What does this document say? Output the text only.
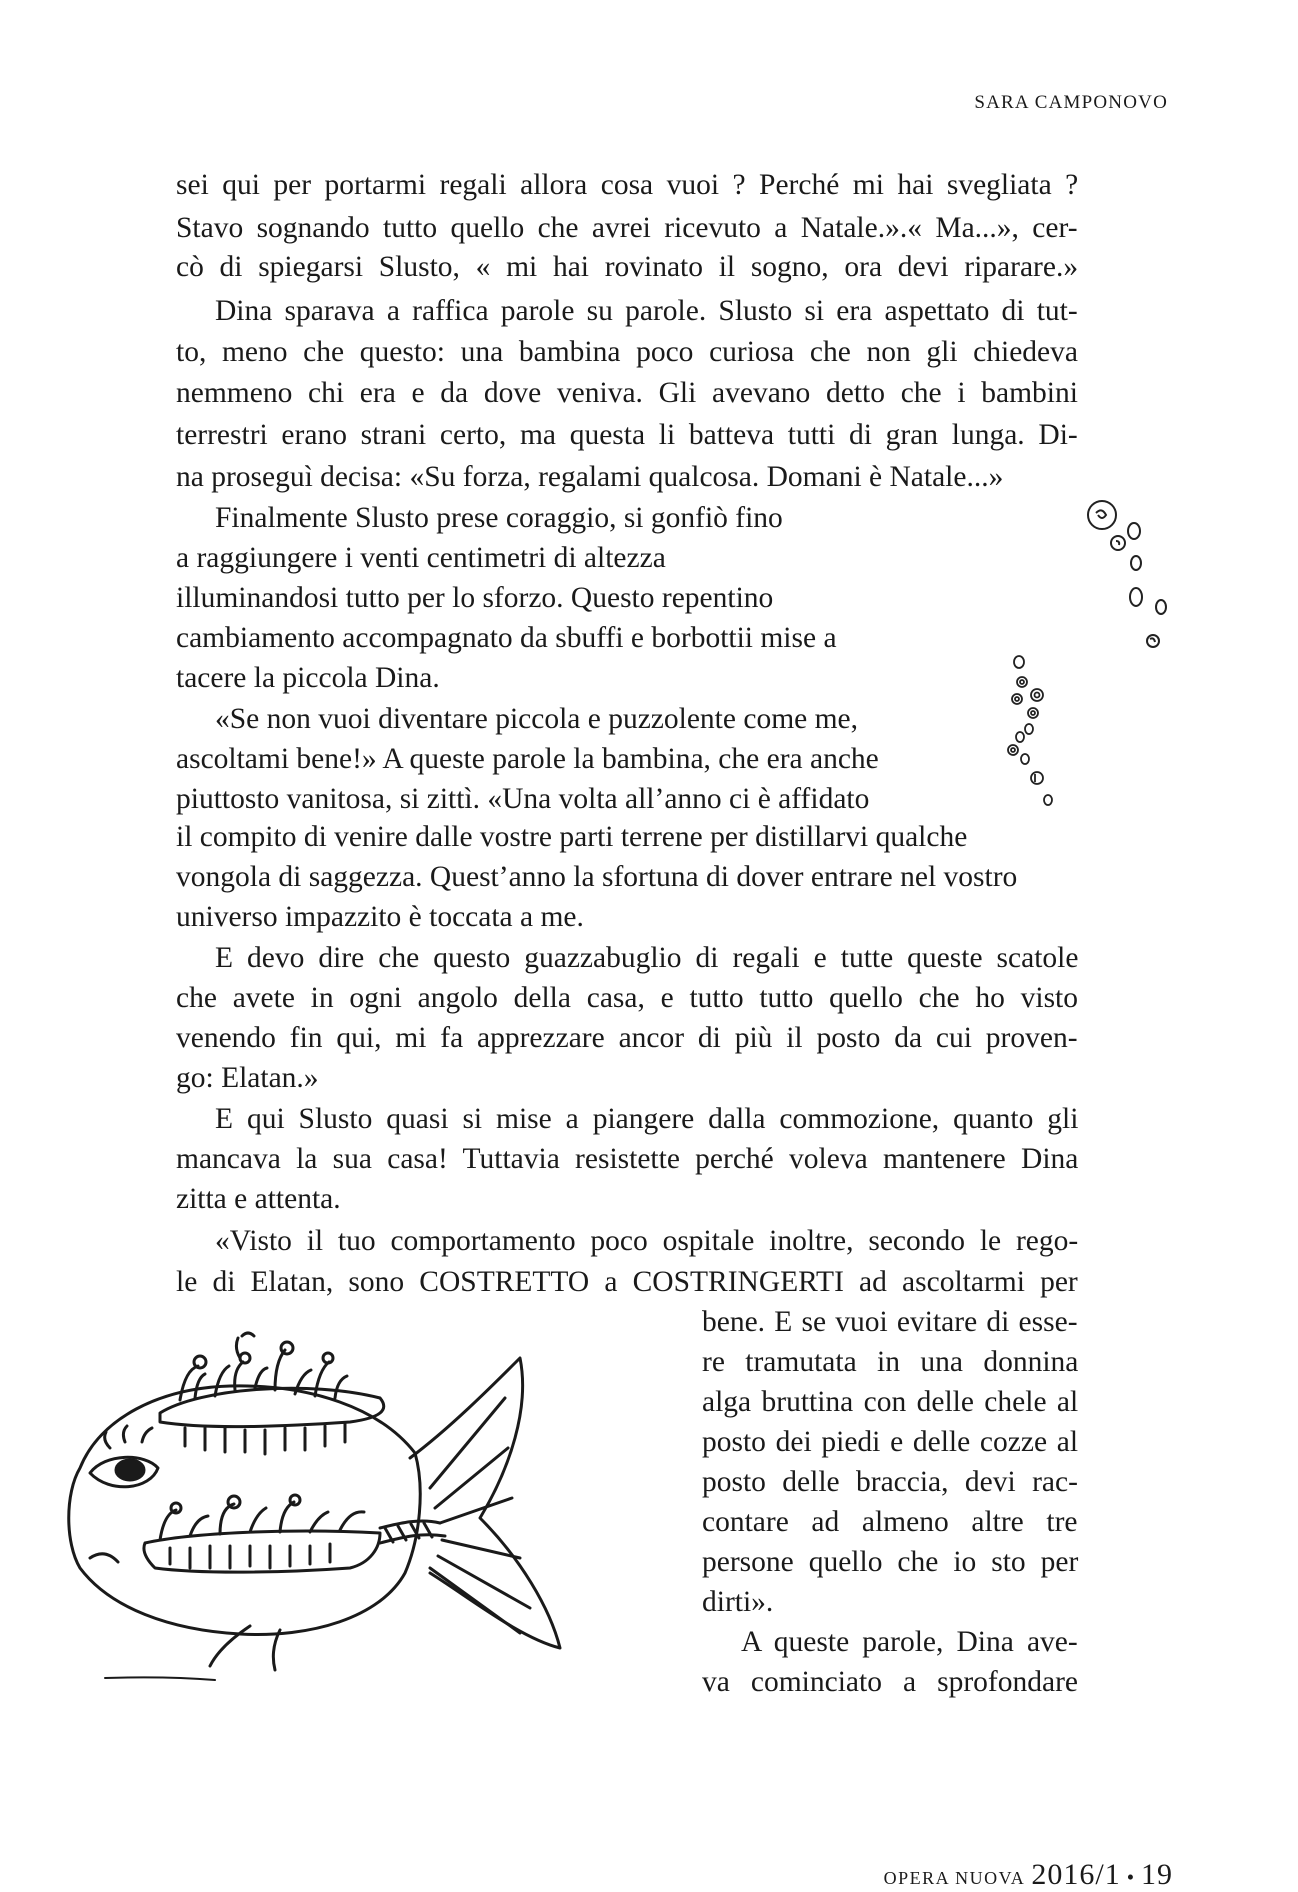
SARA CAMPONOVO
sei qui per portarmi regali allora cosa vuoi ? Perché mi hai svegliata ?
Stavo sognando tutto quello che avrei ricevuto a Natale.».« Ma...», cer-
cò di spiegarsi Slusto, « mi hai rovinato il sogno, ora devi riparare.»
Dina sparava a raffica parole su parole. Slusto si era aspettato di tut-
to, meno che questo: una bambina poco curiosa che non gli chiedeva
nemmeno chi era e da dove veniva. Gli avevano detto che i bambini
terrestri erano strani certo, ma questa li batteva tutti di gran lunga. Di-
na proseguì decisa: «Su forza, regalami qualcosa. Domani è Natale...»
Finalmente Slusto prese coraggio, si gonfiò fino
a raggiungere i venti centimetri di altezza
illuminandosi tutto per lo sforzo. Questo repentino
cambiamento accompagnato da sbuffi e borbottii mise a
tacere la piccola Dina.
«Se non vuoi diventare piccola e puzzolente come me,
ascoltami bene!» A queste parole la bambina, che era anche
piuttosto vanitosa, si zittì. «Una volta all’anno ci è affidato
il compito di venire dalle vostre parti terrene per distillarvi qualche
vongola di saggezza. Quest’anno la sfortuna di dover entrare nel vostro
universo impazzito è toccata a me.
E devo dire che questo guazzabuglio di regali e tutte queste scatole
che avete in ogni angolo della casa, e tutto tutto quello che ho visto
venendo fin qui, mi fa apprezzare ancor di più il posto da cui proven-
go: Elatan.»
E qui Slusto quasi si mise a piangere dalla commozione, quanto gli
mancava la sua casa! Tuttavia resistette perché voleva mantenere Dina
zitta e attenta.
«Visto il tuo comportamento poco ospitale inoltre, secondo le rego-
le di Elatan, sono COSTRETTO a COSTRINGERTI ad ascoltarmi per
bene. E se vuoi evitare di esse-
re tramutata in una donnina
alga bruttina con delle chele al
posto dei piedi e delle cozze al
posto delle braccia, devi rac-
contare ad almeno altre tre
persone quello che io sto per
dirti».
A queste parole, Dina ave-
va cominciato a sprofondare
OPERA NUOVA 2016/1 • 19
